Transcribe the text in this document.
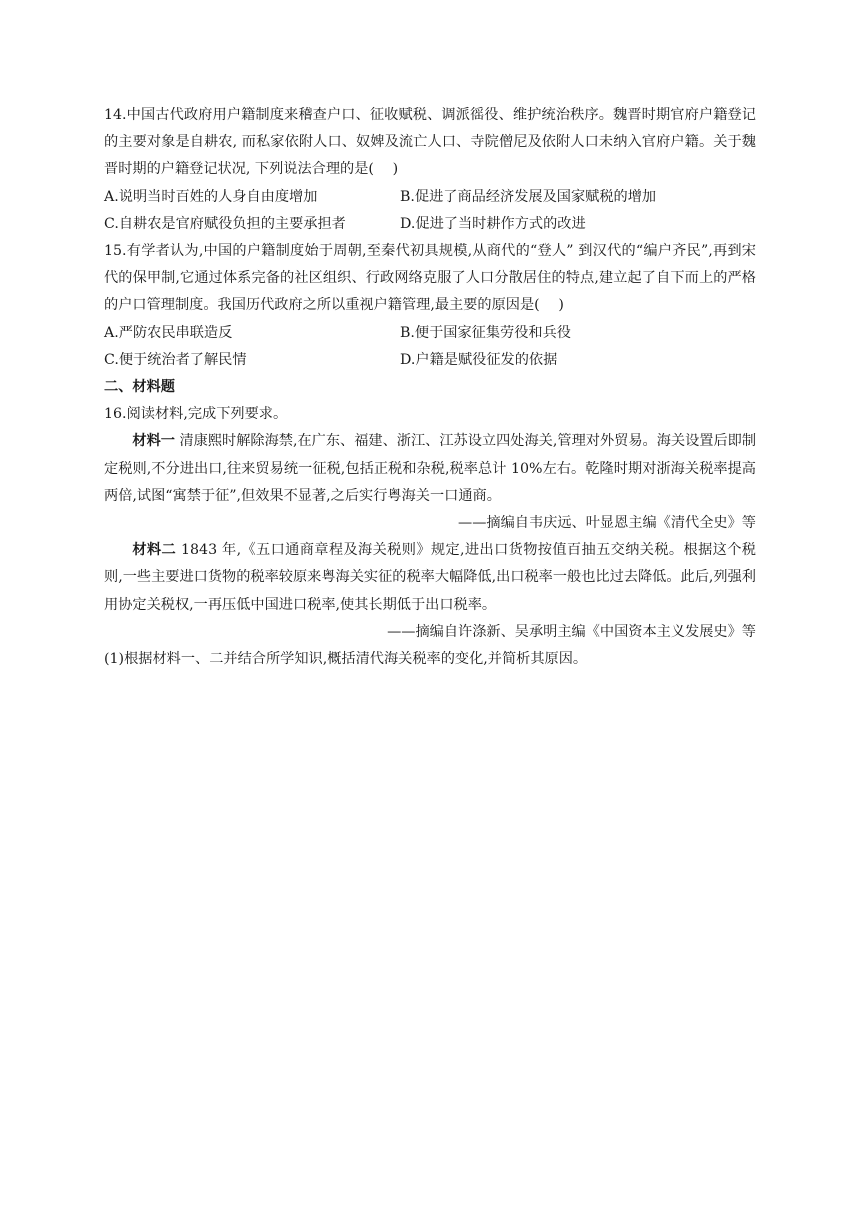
14.中国古代政府用户籍制度来稽查户口、征收赋税、调派徭役、维护统治秩序。魏晋时期官府户籍登记的主要对象是自耕农, 而私家依附人口、奴婢及流亡人口、寺院僧尼及依附人口未纳入官府户籍。关于魏晋时期的户籍登记状况, 下列说法合理的是(　 )

A.说明当时百姓的人身自由度增加	B.促进了商品经济发展及国家赋税的增加
C.自耕农是官府赋役负担的主要承担者	D.促进了当时耕作方式的改进

15.有学者认为,中国的户籍制度始于周朝,至秦代初具规模,从商代的“登人” 到汉代的“编户齐民”,再到宋代的保甲制,它通过体系完备的社区组织、行政网络克服了人口分散居住的特点,建立起了自下而上的严格的户口管理制度。我国历代政府之所以重视户籍管理,最主要的原因是(　 )

A.严防农民串联造反	B.便于国家征集劳役和兵役
C.便于统治者了解民情	D.户籍是赋役征发的依据

二、材料题

16.阅读材料,完成下列要求。

材料一 清康熙时解除海禁,在广东、福建、浙江、江苏设立四处海关,管理对外贸易。海关设置后即制定税则,不分进出口,往来贸易统一征税,包括正税和杂税,税率总计 10%左右。乾隆时期对浙海关税率提高两倍,试图“寓禁于征”,但效果不显著,之后实行粤海关一口通商。

——摘编自韦庆远、叶显恩主编《清代全史》等

材料二 1843 年,《五口通商章程及海关税则》规定,进出口货物按值百抽五交纳关税。根据这个税则,一些主要进口货物的税率较原来粤海关实征的税率大幅降低,出口税率一般也比过去降低。此后,列强利用协定关税权,一再压低中国进口税率,使其长期低于出口税率。

——摘编自许涤新、吴承明主编《中国资本主义发展史》等

(1)根据材料一、二并结合所学知识,概括清代海关税率的变化,并简析其原因。
